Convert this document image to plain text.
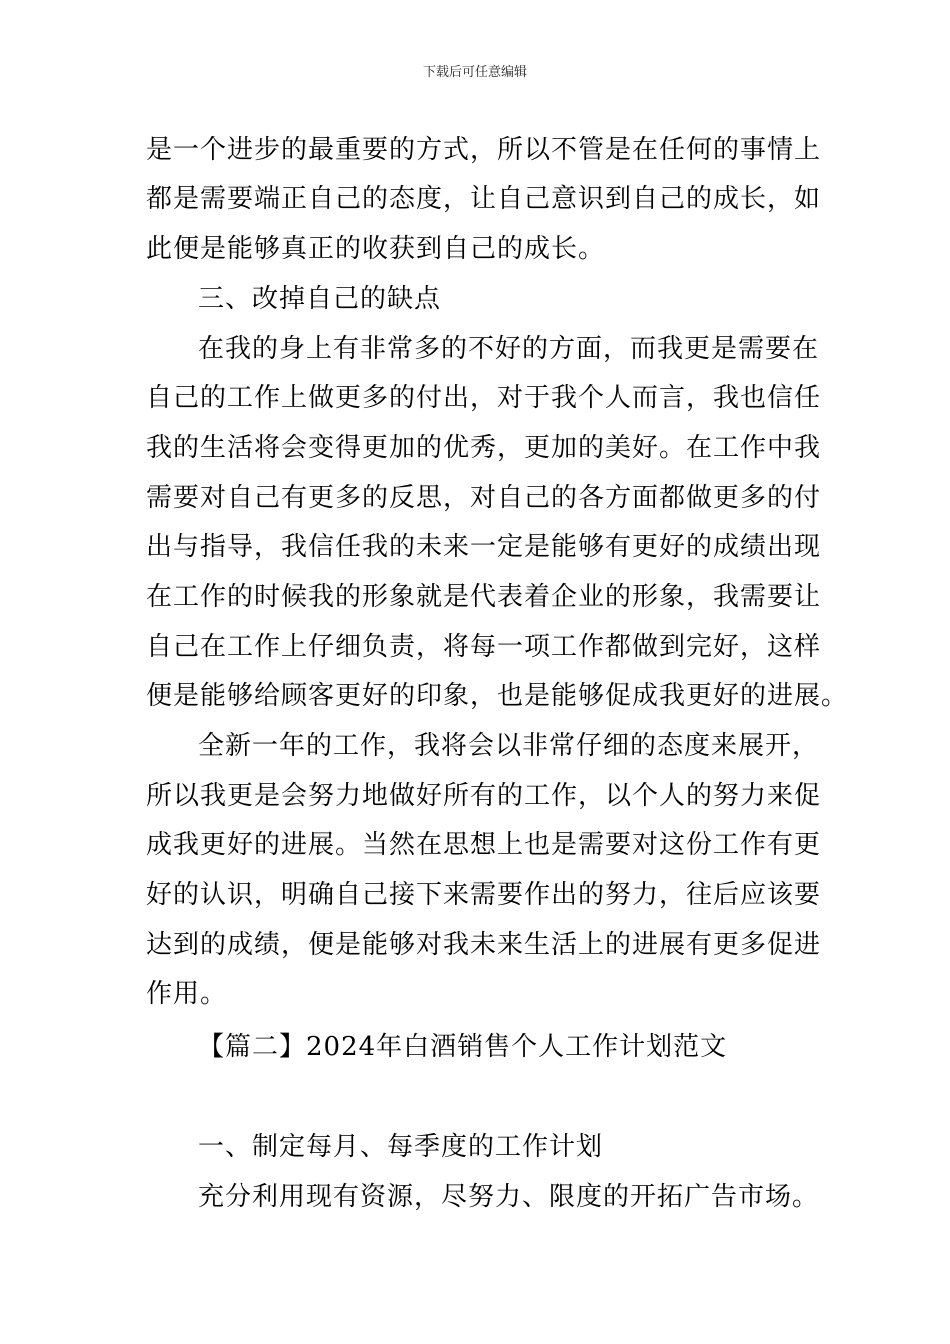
下载后可任意编辑
是一个进步的最重要的方式，所以不管是在任何的事情上
都是需要端正自己的态度，让自己意识到自己的成长，如
此便是能够真正的收获到自己的成长。
三、改掉自己的缺点
在我的身上有非常多的不好的方面，而我更是需要在
自己的工作上做更多的付出，对于我个人而言，我也信任
我的生活将会变得更加的优秀，更加的美好。在工作中我
需要对自己有更多的反思，对自己的各方面都做更多的付
出与指导，我信任我的未来一定是能够有更好的成绩出现
在工作的时候我的形象就是代表着企业的形象，我需要让
自己在工作上仔细负责，将每一项工作都做到完好，这样
便是能够给顾客更好的印象，也是能够促成我更好的进展。
全新一年的工作，我将会以非常仔细的态度来展开，
所以我更是会努力地做好所有的工作，以个人的努力来促
成我更好的进展。当然在思想上也是需要对这份工作有更
好的认识，明确自己接下来需要作出的努力，往后应该要
达到的成绩，便是能够对我未来生活上的进展有更多促进
作用。
【篇二】2024年白酒销售个人工作计划范文
一、制定每月、每季度的工作计划
充分利用现有资源，尽努力、限度的开拓广告市场。
